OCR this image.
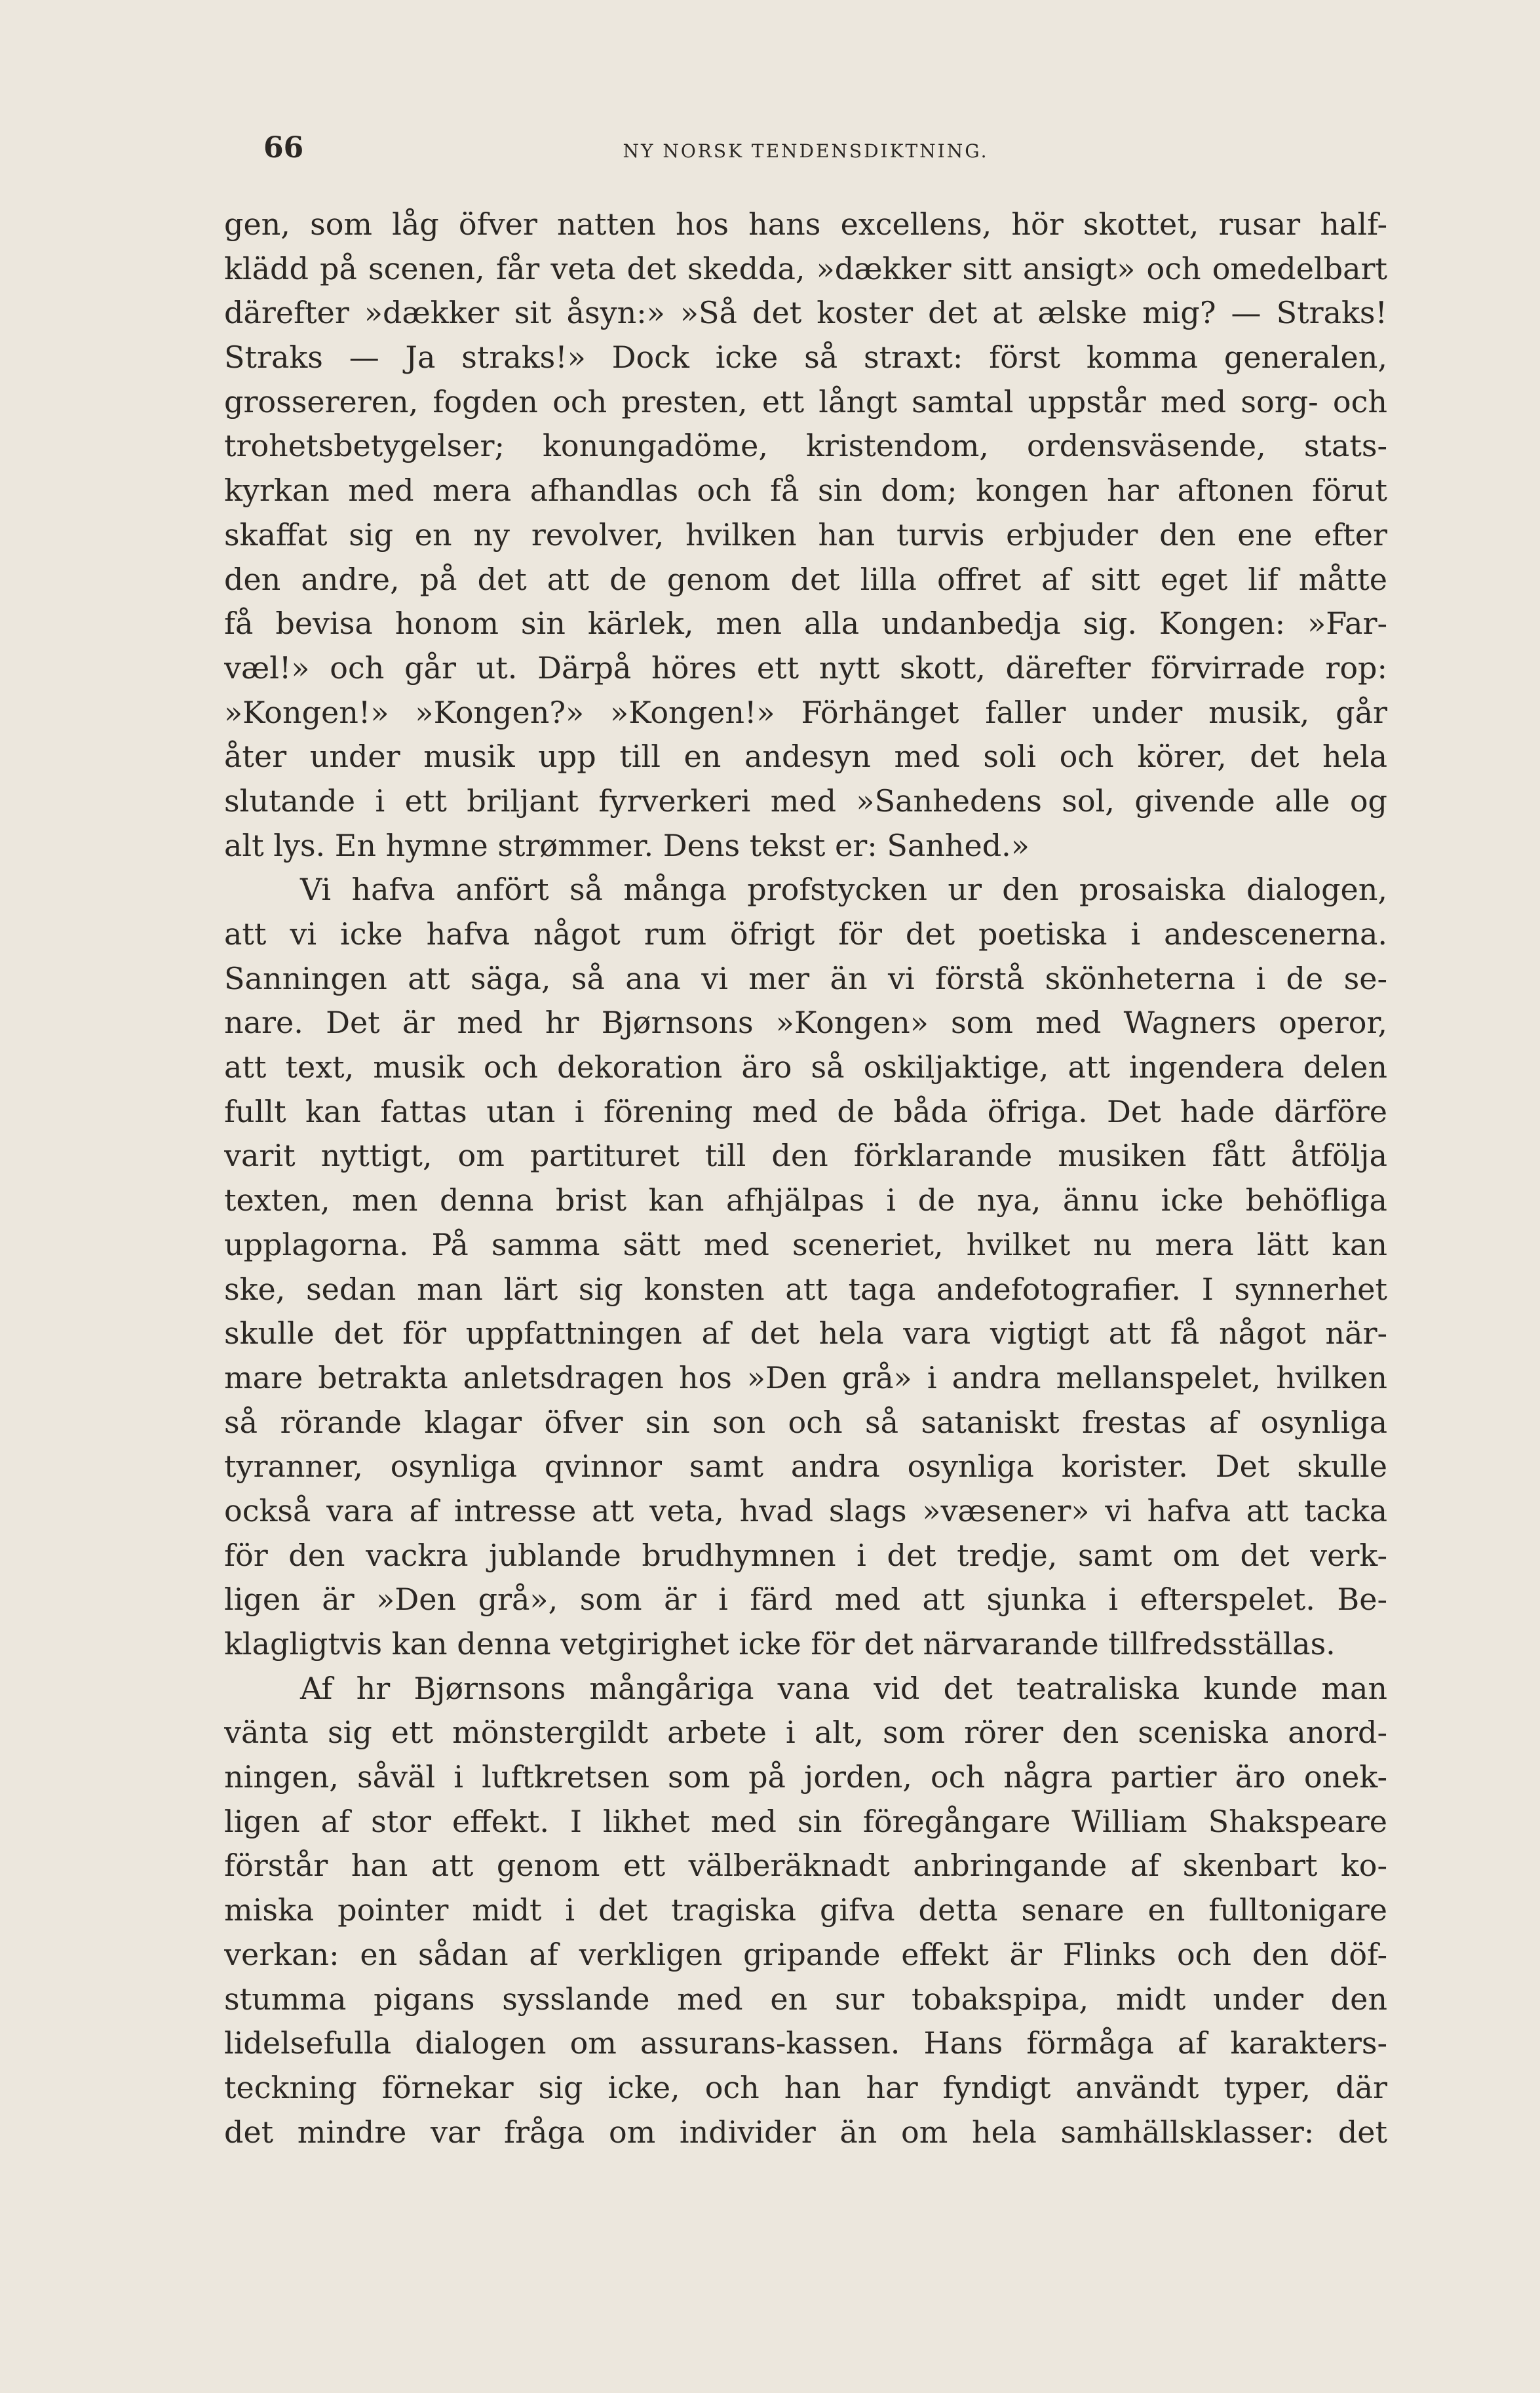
66	NY NORSK TENDENSDIKTNING.
gen, som låg öfver natten hos hans excellens, hör skottet, rusar half-
klädd på scenen, får veta det skedda, »dækker sitt ansigt» och omedelbart
därefter »dækker sit åsyn:» »Så det koster det at ælske mig? — Straks!
Straks — Ja straks!» Dock icke så straxt: först komma generalen,
grossereren, fogden och presten, ett långt samtal uppstår med sorg- och
trohetsbetygelser; konungadöme, kristendom, ordensväsende, stats-
kyrkan med mera afhandlas och få sin dom; kongen har aftonen förut
skaffat sig en ny revolver, hvilken han turvis erbjuder den ene efter
den andre, på det att de genom det lilla offret af sitt eget lif måtte
få bevisa honom sin kärlek, men alla undanbedja sig. Kongen: »Far-
væl!» och går ut. Därpå höres ett nytt skott, därefter förvirrade rop:
»Kongen!» »Kongen?» »Kongen!» Förhänget faller under musik, går
åter under musik upp till en andesyn med soli och körer, det hela
slutande i ett briljant fyrverkeri med »Sanhedens sol, givende alle og
alt lys. En hymne strømmer. Dens tekst er: Sanhed.»
Vi hafva anfört så många profstycken ur den prosaiska dialogen,
att vi icke hafva något rum öfrigt för det poetiska i andescenerna.
Sanningen att säga, så ana vi mer än vi förstå skönheterna i de se-
nare. Det är med hr Bjørnsons »Kongen» som med Wagners operor,
att text, musik och dekoration äro så oskiljaktige, att ingendera delen
fullt kan fattas utan i förening med de båda öfriga. Det hade därföre
varit nyttigt, om partituret till den förklarande musiken fått åtfölja
texten, men denna brist kan afhjälpas i de nya, ännu icke behöfliga
upplagorna. På samma sätt med sceneriet, hvilket nu mera lätt kan
ske, sedan man lärt sig konsten att taga andefotografier. I synnerhet
skulle det för uppfattningen af det hela vara vigtigt att få något när-
mare betrakta anletsdragen hos »Den grå» i andra mellanspelet, hvilken
så rörande klagar öfver sin son och så sataniskt frestas af osynliga
tyranner, osynliga qvinnor samt andra osynliga korister. Det skulle
också vara af intresse att veta, hvad slags »væsener» vi hafva att tacka
för den vackra jublande brudhymnen i det tredje, samt om det verk-
ligen är »Den grå», som är i färd med att sjunka i efterspelet. Be-
klagligtvis kan denna vetgirighet icke för det närvarande tillfredsställas.
Af hr Bjørnsons mångåriga vana vid det teatraliska kunde man
vänta sig ett mönstergildt arbete i alt, som rörer den sceniska anord-
ningen, såväl i luftkretsen som på jorden, och några partier äro onek-
ligen af stor effekt. I likhet med sin föregångare William Shakspeare
förstår han att genom ett välberäknadt anbringande af skenbart ko-
miska pointer midt i det tragiska gifva detta senare en fulltonigare
verkan: en sådan af verkligen gripande effekt är Flinks och den döf-
stumma pigans sysslande med en sur tobakspipa, midt under den
lidelsefulla dialogen om assurans-kassen. Hans förmåga af karakters-
teckning förnekar sig icke, och han har fyndigt användt typer, där
det mindre var fråga om individer än om hela samhällsklasser: det
